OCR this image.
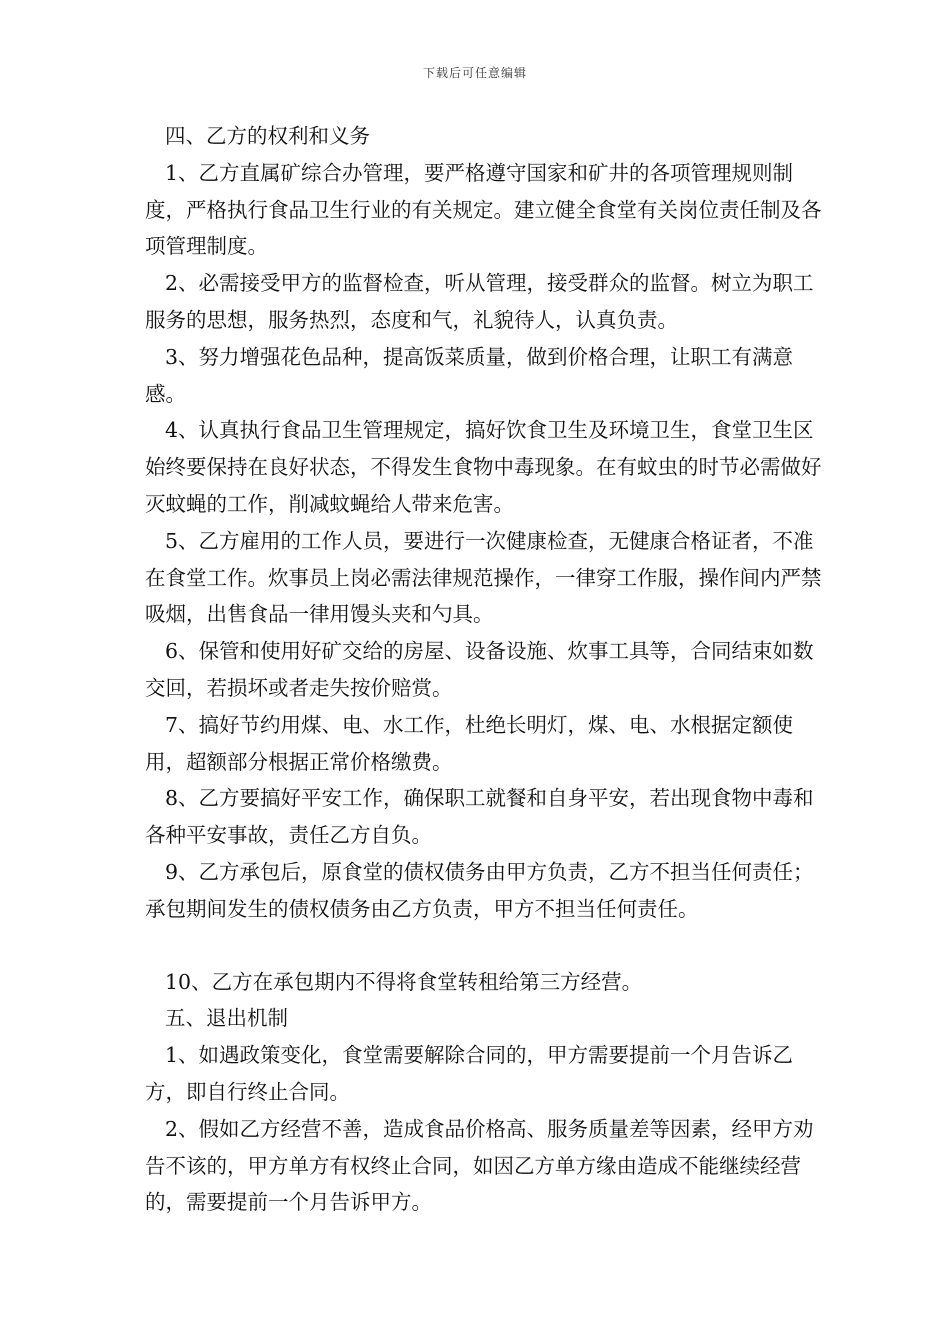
下载后可任意编辑

四、乙方的权利和义务

1、乙方直属矿综合办管理，要严格遵守国家和矿井的各项管理规则制度，严格执行食品卫生行业的有关规定。建立健全食堂有关岗位责任制及各项管理制度。

2、必需接受甲方的监督检查，听从管理，接受群众的监督。树立为职工服务的思想，服务热烈，态度和气，礼貌待人，认真负责。

3、努力增强花色品种，提高饭菜质量，做到价格合理，让职工有满意感。

4、认真执行食品卫生管理规定，搞好饮食卫生及环境卫生，食堂卫生区始终要保持在良好状态，不得发生食物中毒现象。在有蚊虫的时节必需做好灭蚊蝇的工作，削减蚊蝇给人带来危害。

5、乙方雇用的工作人员，要进行一次健康检查，无健康合格证者，不准在食堂工作。炊事员上岗必需法律规范操作，一律穿工作服，操作间内严禁吸烟，出售食品一律用馒头夹和勺具。

6、保管和使用好矿交给的房屋、设备设施、炊事工具等，合同结束如数交回，若损坏或者走失按价赔赏。

7、搞好节约用煤、电、水工作，杜绝长明灯，煤、电、水根据定额使用，超额部分根据正常价格缴费。

8、乙方要搞好平安工作，确保职工就餐和自身平安，若出现食物中毒和各种平安事故，责任乙方自负。

9、乙方承包后，原食堂的债权债务由甲方负责，乙方不担当任何责任；承包期间发生的债权债务由乙方负责，甲方不担当任何责任。

10、乙方在承包期内不得将食堂转租给第三方经营。

五、退出机制

1、如遇政策变化，食堂需要解除合同的，甲方需要提前一个月告诉乙方，即自行终止合同。

2、假如乙方经营不善，造成食品价格高、服务质量差等因素，经甲方劝告不该的，甲方单方有权终止合同，如因乙方单方缘由造成不能继续经营的，需要提前一个月告诉甲方。
